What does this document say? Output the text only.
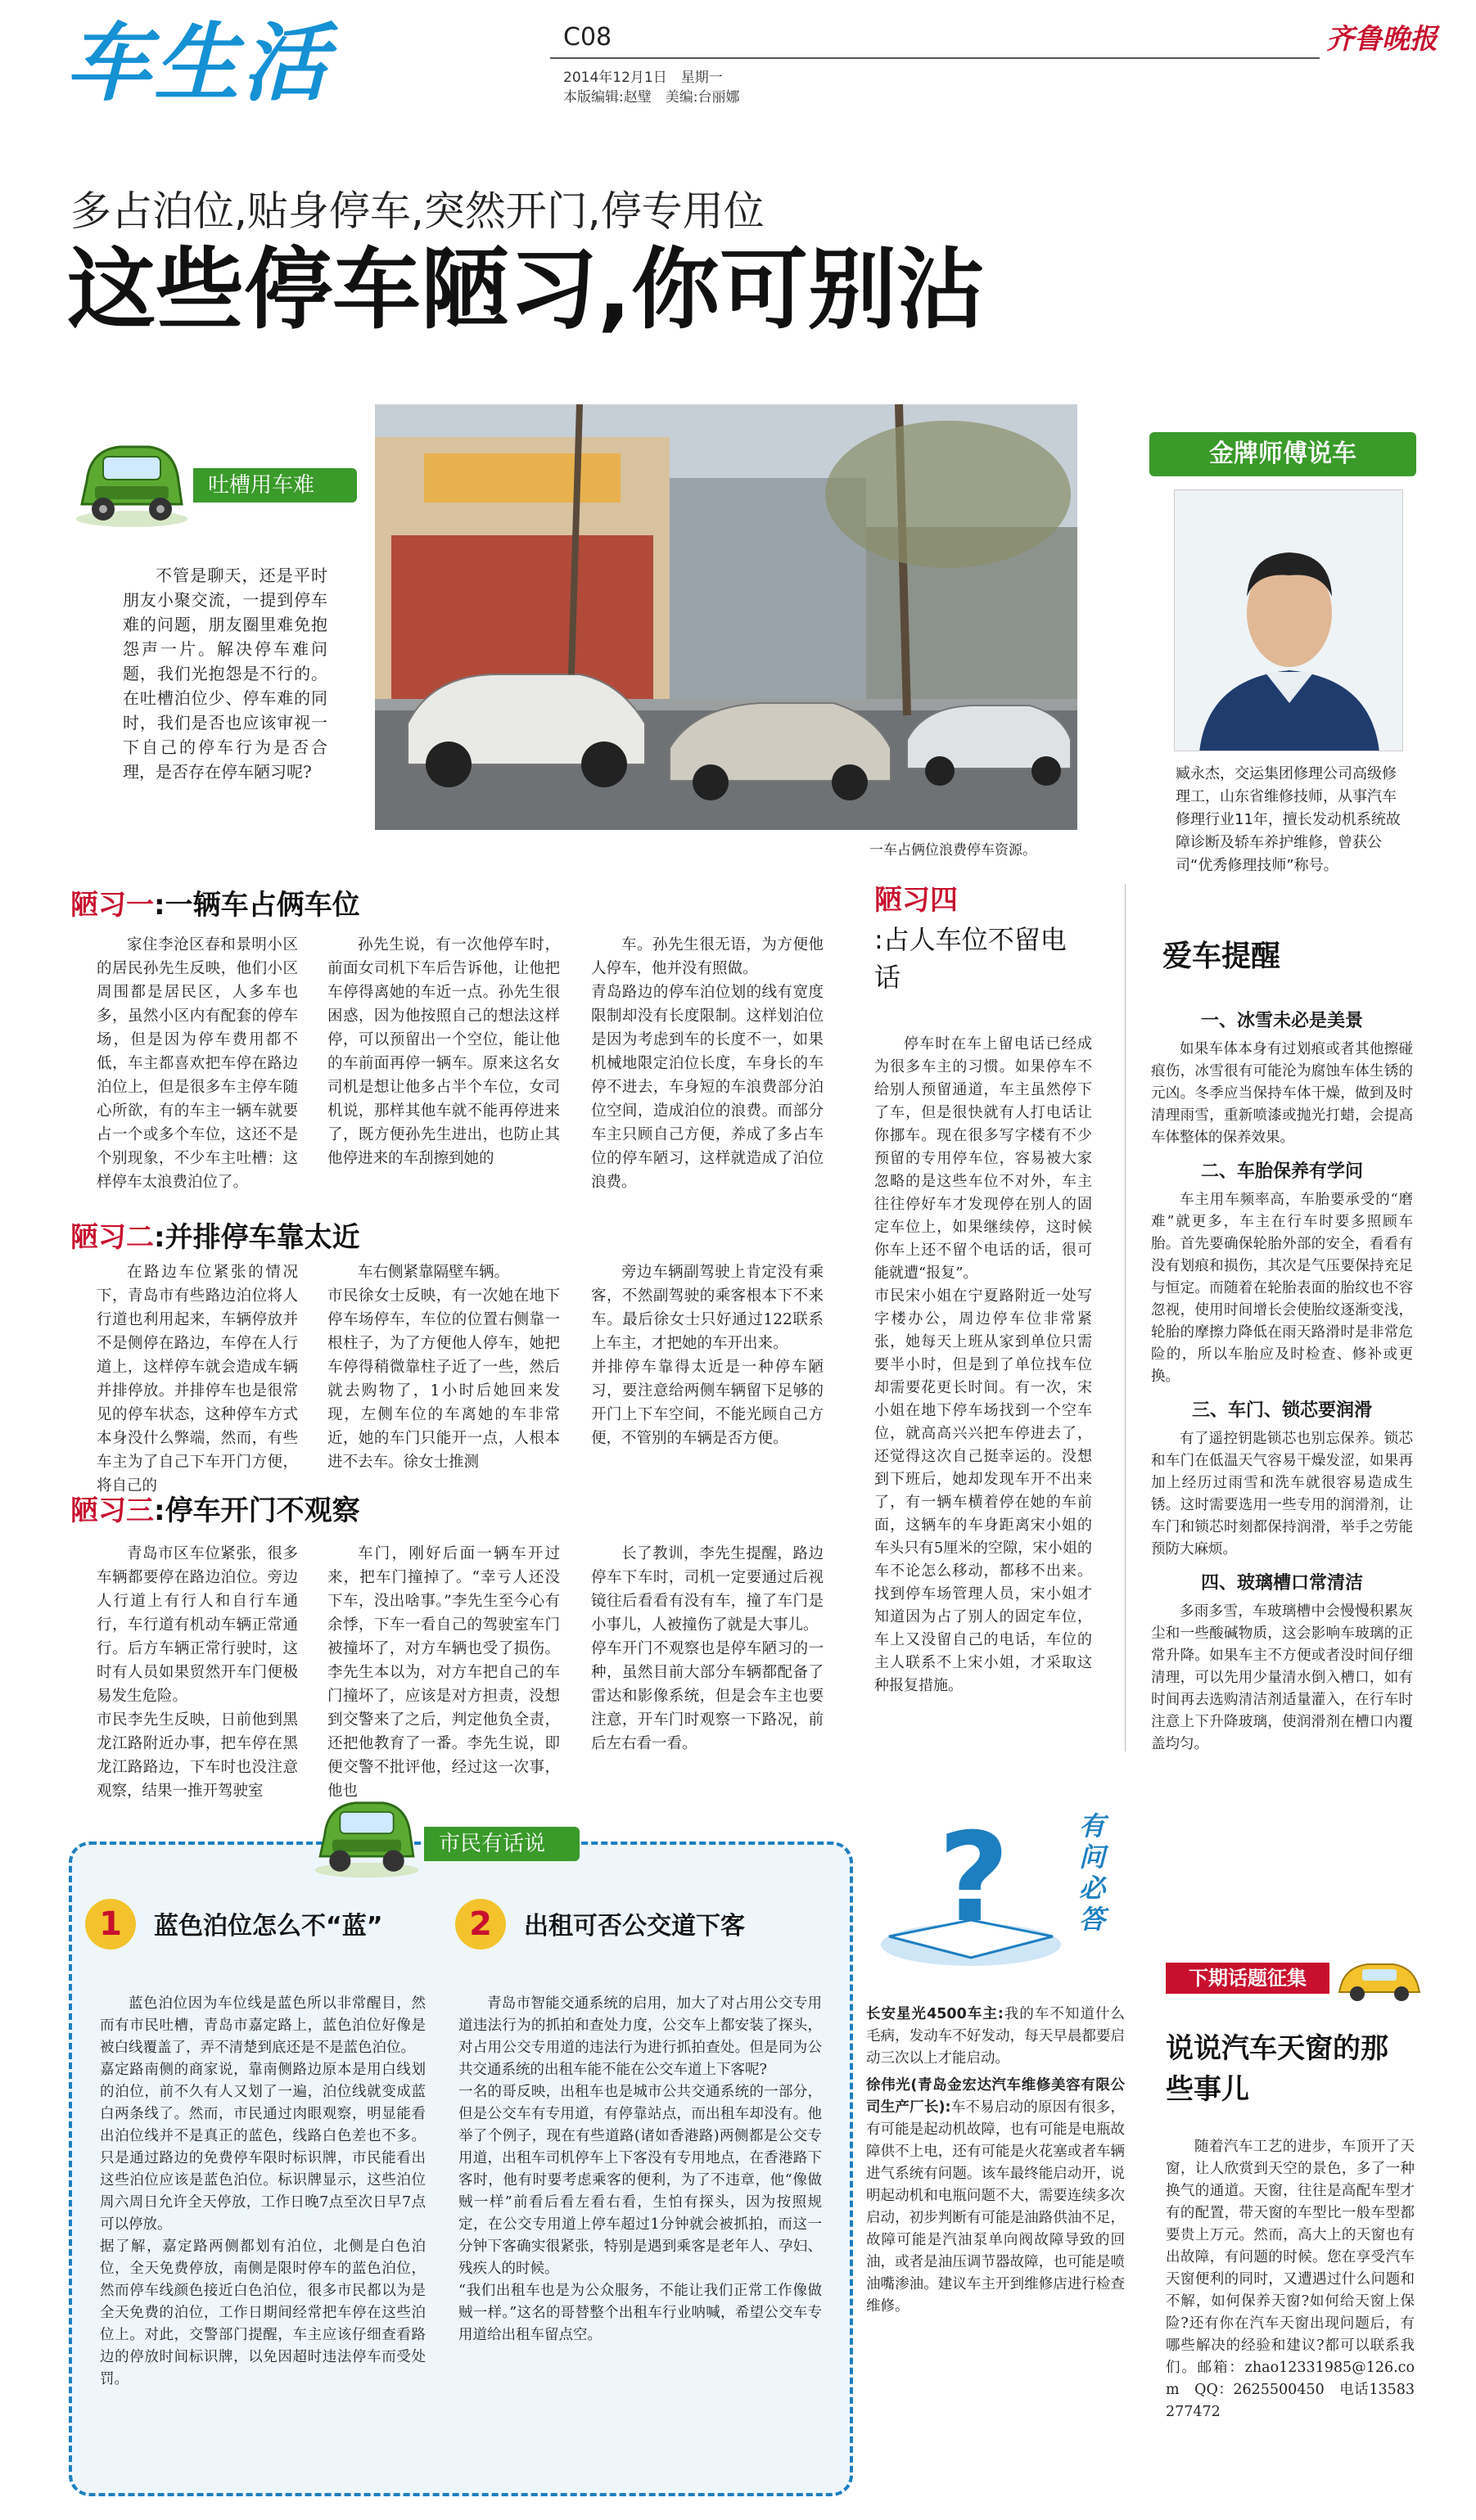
车生活	C08
2014年12月1日　星期一
本版编辑:赵璧　美编:台丽娜
齐鲁晚报
多占泊位,贴身停车,突然开门,停专用位
这些停车陋习,你可别沾
吐槽用车难

不管是聊天，还是平时朋友小聚交流，一提到停车难的问题，朋友圈里难免抱怨声一片。解决停车难问题，我们光抱怨是不行的。在吐槽泊位少、停车难的同时，我们是否也应该审视一下自己的停车行为是否合理，是否存在停车陋习呢?

一车占俩位浪费停车资源。
金牌师傅说车
臧永杰，交运集团修理公司高级修理工，山东省维修技师，从事汽车修理行业11年，擅长发动机系统故障诊断及轿车养护维修，曾获公司“优秀修理技师”称号。
陋习一:一辆车占俩车位

家住李沧区春和景明小区的居民孙先生反映，他们小区周围都是居民区，人多车也多，虽然小区内有配套的停车场，但是因为停车费用都不低，车主都喜欢把车停在路边泊位上，但是很多车主停车随心所欲，有的车主一辆车就要占一个或多个车位，这还不是个别现象，不少车主吐槽：这样停车太浪费泊位了。

孙先生说，有一次他停车时，前面女司机下车后告诉他，让他把车停得离她的车近一点。孙先生很困惑，因为他按照自己的想法这样停，可以预留出一个空位，能让他的车前面再停一辆车。原来这名女司机是想让他多占半个车位，女司机说，那样其他车就不能再停进来了，既方便孙先生进出，也防止其他停进来的车刮擦到她的

车。孙先生很无语，为方便他人停车，他并没有照做。
青岛路边的停车泊位划的线有宽度限制却没有长度限制。这样划泊位是因为考虑到车的长度不一，如果机械地限定泊位长度，车身长的车停不进去，车身短的车浪费部分泊位空间，造成泊位的浪费。而部分车主只顾自己方便，养成了多占车位的停车陋习，这样就造成了泊位浪费。

陋习二:并排停车靠太近

在路边车位紧张的情况下，青岛市有些路边泊位将人行道也利用起来，车辆停放并不是侧停在路边，车停在人行道上，这样停车就会造成车辆并排停放。并排停车也是很常见的停车状态，这种停车方式本身没什么弊端，然而，有些车主为了自己下车开门方便，将自己的

车右侧紧靠隔壁车辆。
市民徐女士反映，有一次她在地下停车场停车，车位的位置右侧靠一根柱子，为了方便他人停车，她把车停得稍微靠柱子近了一些，然后就去购物了，1小时后她回来发现，左侧车位的车离她的车非常近，她的车门只能开一点，人根本进不去车。徐女士推测

旁边车辆副驾驶上肯定没有乘客，不然副驾驶的乘客根本下不来车。最后徐女士只好通过122联系上车主，才把她的车开出来。
并排停车靠得太近是一种停车陋习，要注意给两侧车辆留下足够的开门上下车空间，不能光顾自己方便，不管别的车辆是否方便。

陋习三:停车开门不观察

青岛市区车位紧张，很多车辆都要停在路边泊位。旁边人行道上有行人和自行车通行，车行道有机动车辆正常通行。后方车辆正常行驶时，这时有人员如果贸然开车门便极易发生危险。
市民李先生反映，日前他到黑龙江路附近办事，把车停在黑龙江路路边，下车时也没注意观察，结果一推开驾驶室

车门，刚好后面一辆车开过来，把车门撞掉了。“幸亏人还没下车，没出啥事。”李先生至今心有余悸，下车一看自己的驾驶室车门被撞坏了，对方车辆也受了损伤。李先生本以为，对方车把自己的车门撞坏了，应该是对方担责，没想到交警来了之后，判定他负全责，还把他教育了一番。李先生说，即便交警不批评他，经过这一次事，他也

长了教训，李先生提醒，路边停车下车时，司机一定要通过后视镜往后看看有没有车，撞了车门是小事儿，人被撞伤了就是大事儿。
停车开门不观察也是停车陋习的一种，虽然目前大部分车辆都配备了雷达和影像系统，但是会车主也要注意，开车门时观察一下路况，前后左右看一看。

陋习四
:占人车位不留电话

停车时在车上留电话已经成为很多车主的习惯。如果停车不给别人预留通道，车主虽然停下了车，但是很快就有人打电话让你挪车。现在很多写字楼有不少预留的专用停车位，容易被大家忽略的是这些车位不对外，车主往往停好车才发现停在别人的固定车位上，如果继续停，这时候你车上还不留个电话的话，很可能就遭“报复”。
市民宋小姐在宁夏路附近一处写字楼办公，周边停车位非常紧张，她每天上班从家到单位只需要半小时，但是到了单位找车位却需要花更长时间。有一次，宋小姐在地下停车场找到一个空车位，就高高兴兴把车停进去了，还觉得这次自己挺幸运的。没想到下班后，她却发现车开不出来了，有一辆车横着停在她的车前面，这辆车的车身距离宋小姐的车头只有5厘米的空隙，宋小姐的车不论怎么移动，都移不出来。找到停车场管理人员，宋小姐才知道因为占了别人的固定车位，车上又没留自己的电话，车位的主人联系不上宋小姐，才采取这种报复措施。

爱车提醒
一、冰雪未必是美景

如果车体本身有过划痕或者其他擦碰痕伤，冰雪很有可能沦为腐蚀车体生锈的元凶。冬季应当保持车体干燥，做到及时清理雨雪，重新喷漆或抛光打蜡，会提高车体整体的保养效果。

二、车胎保养有学问

车主用车频率高，车胎要承受的“磨难”就更多，车主在行车时要多照顾车胎。首先要确保轮胎外部的安全，看看有没有划痕和损伤，其次是气压要保持充足与恒定。而随着在轮胎表面的胎纹也不容忽视，使用时间增长会使胎纹逐渐变浅，轮胎的摩擦力降低在雨天路滑时是非常危险的，所以车胎应及时检查、修补或更换。

三、车门、锁芯要润滑

有了遥控钥匙锁芯也别忘保养。锁芯和车门在低温天气容易干燥发涩，如果再加上经历过雨雪和洗车就很容易造成生锈。这时需要选用一些专用的润滑剂，让车门和锁芯时刻都保持润滑，举手之劳能预防大麻烦。

四、玻璃槽口常清洁

多雨多雪，车玻璃槽中会慢慢积累灰尘和一些酸碱物质，这会影响车玻璃的正常升降。如果车主不方便或者没时间仔细清理，可以先用少量清水倒入槽口，如有时间再去选购清洁剂适量灌入，在行车时注意上下升降玻璃，使润滑剂在槽口内覆盖均匀。

市民有话说
1	蓝色泊位怎么不“蓝”

蓝色泊位因为车位线是蓝色所以非常醒目，然而有市民吐槽，青岛市嘉定路上，蓝色泊位好像是被白线覆盖了，弄不清楚到底还是不是蓝色泊位。
嘉定路南侧的商家说，靠南侧路边原本是用白线划的泊位，前不久有人又划了一遍，泊位线就变成蓝白两条线了。然而，市民通过肉眼观察，明显能看出泊位线并不是真正的蓝色，线路白色差也不多。只是通过路边的免费停车限时标识牌，市民能看出这些泊位应该是蓝色泊位。标识牌显示，这些泊位周六周日允许全天停放，工作日晚7点至次日早7点可以停放。
据了解，嘉定路两侧都划有泊位，北侧是白色泊位，全天免费停放，南侧是限时停车的蓝色泊位，然而停车线颜色接近白色泊位，很多市民都以为是全天免费的泊位，工作日期间经常把车停在这些泊位上。对此，交警部门提醒，车主应该仔细查看路边的停放时间标识牌，以免因超时违法停车而受处罚。

2	出租可否公交道下客

青岛市智能交通系统的启用，加大了对占用公交专用道违法行为的抓拍和查处力度，公交车上都安装了探头，对占用公交专用道的违法行为进行抓拍查处。但是同为公共交通系统的出租车能不能在公交车道上下客呢?
一名的哥反映，出租车也是城市公共交通系统的一部分，但是公交车有专用道，有停靠站点，而出租车却没有。他举了个例子，现在有些道路(诸如香港路)两侧都是公交专用道，出租车司机停车上下客没有专用地点，在香港路下客时，他有时要考虑乘客的便利，为了不违章，他“像做贼一样”前看后看左看右看，生怕有探头，因为按照规定，在公交专用道上停车超过1分钟就会被抓拍，而这一分钟下客确实很紧张，特别是遇到乘客是老年人、孕妇、残疾人的时候。
“我们出租车也是为公众服务，不能让我们正常工作像做贼一样。”这名的哥替整个出租车行业呐喊，希望公交车专用道给出租车留点空。

?	有问必答

长安星光4500车主:我的车不知道什么毛病，发动车不好发动，每天早晨都要启动三次以上才能启动。

徐伟光(青岛金宏达汽车维修美容有限公司生产厂长):车不易启动的原因有很多，有可能是起动机故障，也有可能是电瓶故障供不上电，还有可能是火花塞或者车辆进气系统有问题。该车最终能启动开，说明起动机和电瓶问题不大，需要连续多次启动，初步判断有可能是油路供油不足，故障可能是汽油泵单向阀故障导致的回油，或者是油压调节器故障，也可能是喷油嘴渗油。建议车主开到维修店进行检查维修。

下期话题征集
说说汽车天窗的那些事儿

随着汽车工艺的进步，车顶开了天窗，让人欣赏到天空的景色，多了一种换气的通道。天窗，往往是高配车型才有的配置，带天窗的车型比一般车型都要贵上万元。然而，高大上的天窗也有出故障，有问题的时候。您在享受汽车天窗便利的同时，又遭遇过什么问题和不解，如何保养天窗?如何给天窗上保险?还有你在汽车天窗出现问题后，有哪些解决的经验和建议?都可以联系我们。邮箱：zhao12331985@126.com　QQ：2625500450　电话13583277472
